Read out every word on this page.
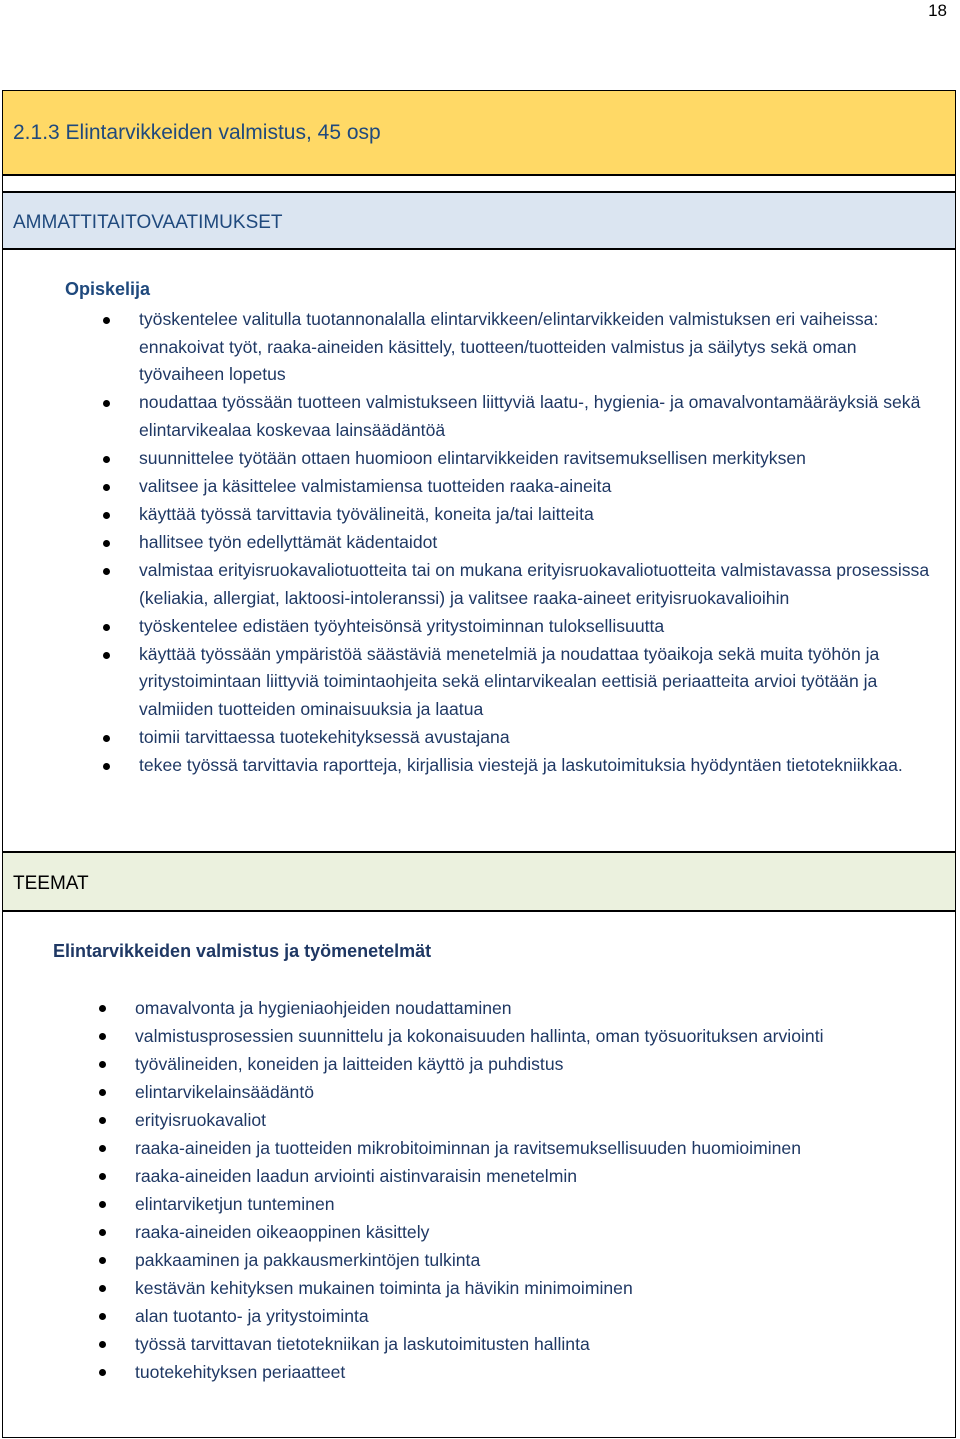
18
2.1.3 Elintarvikkeiden valmistus, 45 osp
AMMATTITAITOVAATIMUKSET
Opiskelija
työskentelee valitulla tuotannonalalla elintarvikkeen/elintarvikkeiden valmistuksen eri vaiheissa: ennakoivat työt, raaka-aineiden käsittely, tuotteen/tuotteiden valmistus ja säilytys sekä oman työvaiheen lopetus
noudattaa työssään tuotteen valmistukseen liittyviä laatu-, hygienia- ja omavalvontamääräyksiä sekä elintarvikealaa koskevaa lainsäädäntöä
suunnittelee työtään ottaen huomioon elintarvikkeiden ravitsemuksellisen merkityksen
valitsee ja käsittelee valmistamiensa tuotteiden raaka-aineita
käyttää työssä tarvittavia työvälineitä, koneita ja/tai laitteita
hallitsee työn edellyttämät kädentaidot
valmistaa erityisruokavaliotuotteita tai on mukana erityisruokavaliotuotteita valmistavassa prosessissa (keliakia, allergiat, laktoosi-intoleranssi) ja valitsee raaka-aineet erityisruokavalioihin
työskentelee edistäen työyhteisönsä yritystoiminnan tuloksellisuutta
käyttää työssään ympäristöä säästäviä menetelmiä ja noudattaa työaikoja sekä muita työhön ja yritystoimintaan liittyviä toimintaohjeita sekä elintarvikealan eettisiä periaatteita arvioi työtään ja valmiiden tuotteiden ominaisuuksia ja laatua
toimii tarvittaessa tuotekehityksessä avustajana
tekee työssä tarvittavia raportteja, kirjallisia viestejä ja laskutoimituksia hyödyntäen tietotekniikkaa.
TEEMAT
Elintarvikkeiden valmistus ja työmenetelmät
omavalvonta ja hygieniaohjeiden noudattaminen
valmistusprosessien suunnittelu ja kokonaisuuden hallinta, oman työsuorituksen arviointi
työvälineiden, koneiden ja laitteiden käyttö ja puhdistus
elintarvikelainsäädäntö
erityisruokavaliot
raaka-aineiden ja tuotteiden mikrobitoiminnan ja ravitsemuksellisuuden huomioiminen
raaka-aineiden laadun arviointi aistinvaraisin menetelmin
elintarviketjun tunteminen
raaka-aineiden oikeaoppinen käsittely
pakkaaminen ja pakkausmerkintöjen tulkinta
kestävän kehityksen mukainen toiminta ja hävikin minimoiminen
alan tuotanto- ja yritystoiminta
työssä tarvittavan tietotekniikan ja laskutoimitusten hallinta
tuotekehityksen periaatteet
